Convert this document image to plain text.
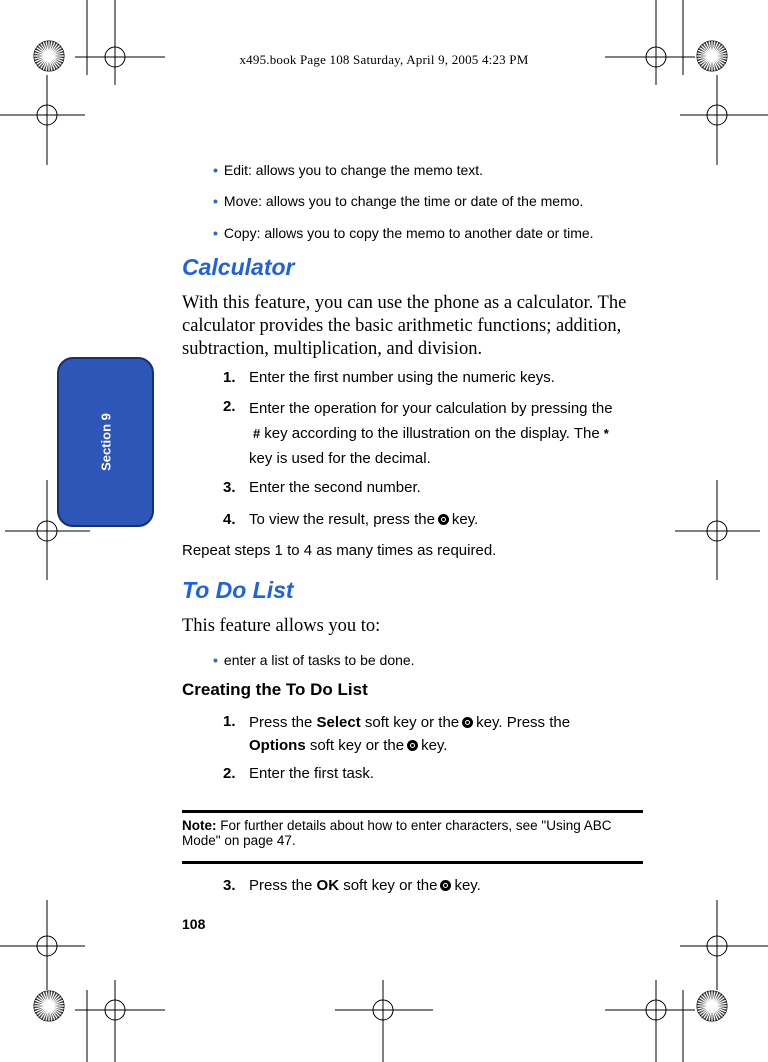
x495.book Page 108 Saturday, April 9, 2005 4:23 PM
Section 9
• Edit: allows you to change the memo text.
• Move: allows you to change the time or date of the memo.
• Copy: allows you to copy the memo to another date or time.
Calculator
With this feature, you can use the phone as a calculator. The calculator provides the basic arithmetic functions; addition, subtraction, multiplication, and division.
1. Enter the first number using the numeric keys.
2. Enter the operation for your calculation by pressing the
# key according to the illustration on the display. The *
key is used for the decimal.
3. Enter the second number.
4. To view the result, press the key.
Repeat steps 1 to 4 as many times as required.
To Do List
This feature allows you to:
• enter a list of tasks to be done.
Creating the To Do List
1. Press the Select soft key or the key. Press the
Options soft key or the key.
2. Enter the first task.
Note: For further details about how to enter characters, see "Using ABC Mode" on page 47.
3. Press the OK soft key or the key.
108
